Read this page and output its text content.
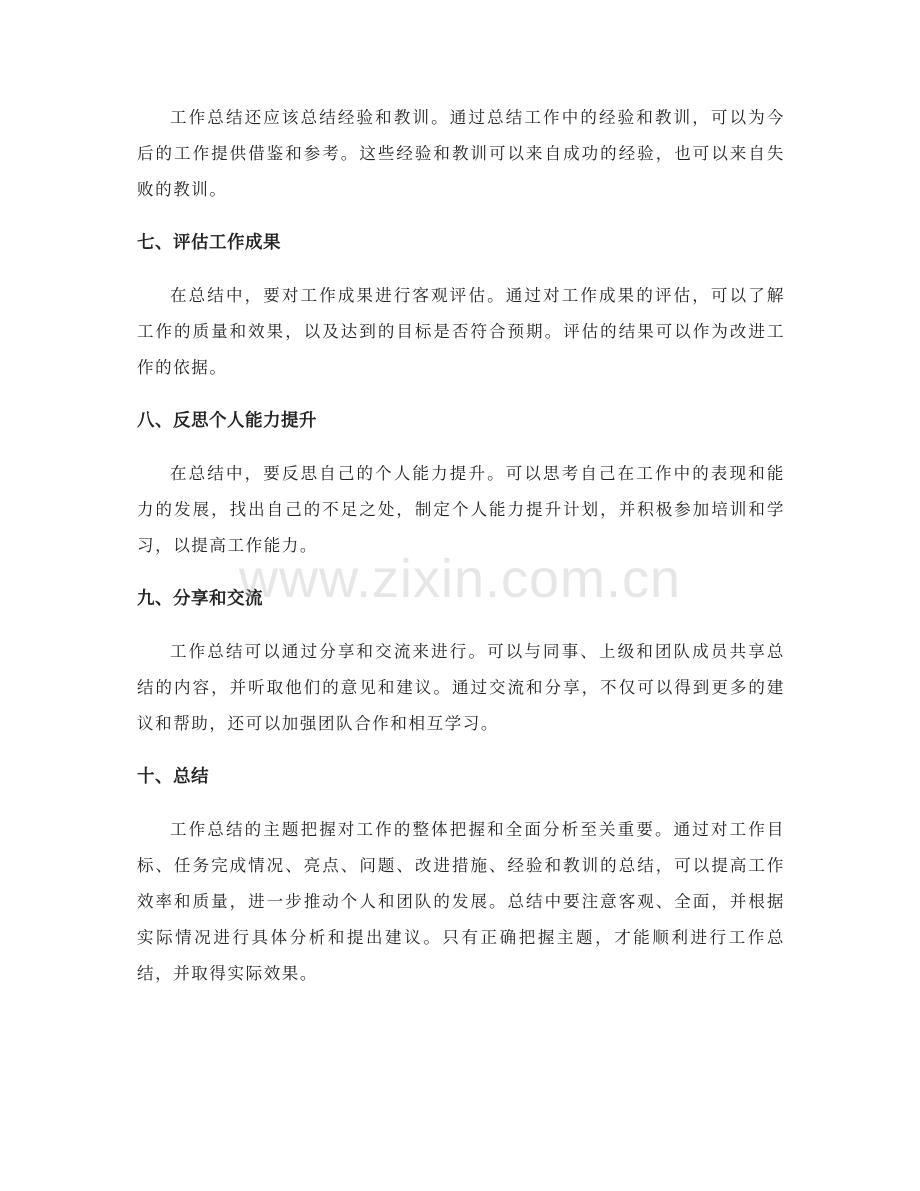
工作总结还应该总结经验和教训。通过总结工作中的经验和教训，可以为今后的工作提供借鉴和参考。这些经验和教训可以来自成功的经验，也可以来自失败的教训。

七、评估工作成果

在总结中，要对工作成果进行客观评估。通过对工作成果的评估，可以了解工作的质量和效果，以及达到的目标是否符合预期。评估的结果可以作为改进工作的依据。

八、反思个人能力提升

在总结中，要反思自己的个人能力提升。可以思考自己在工作中的表现和能力的发展，找出自己的不足之处，制定个人能力提升计划，并积极参加培训和学习，以提高工作能力。

九、分享和交流

工作总结可以通过分享和交流来进行。可以与同事、上级和团队成员共享总结的内容，并听取他们的意见和建议。通过交流和分享，不仅可以得到更多的建议和帮助，还可以加强团队合作和相互学习。

十、总结

工作总结的主题把握对工作的整体把握和全面分析至关重要。通过对工作目标、任务完成情况、亮点、问题、改进措施、经验和教训的总结，可以提高工作效率和质量，进一步推动个人和团队的发展。总结中要注意客观、全面，并根据实际情况进行具体分析和提出建议。只有正确把握主题，才能顺利进行工作总结，并取得实际效果。

www.zixin.com.cn
